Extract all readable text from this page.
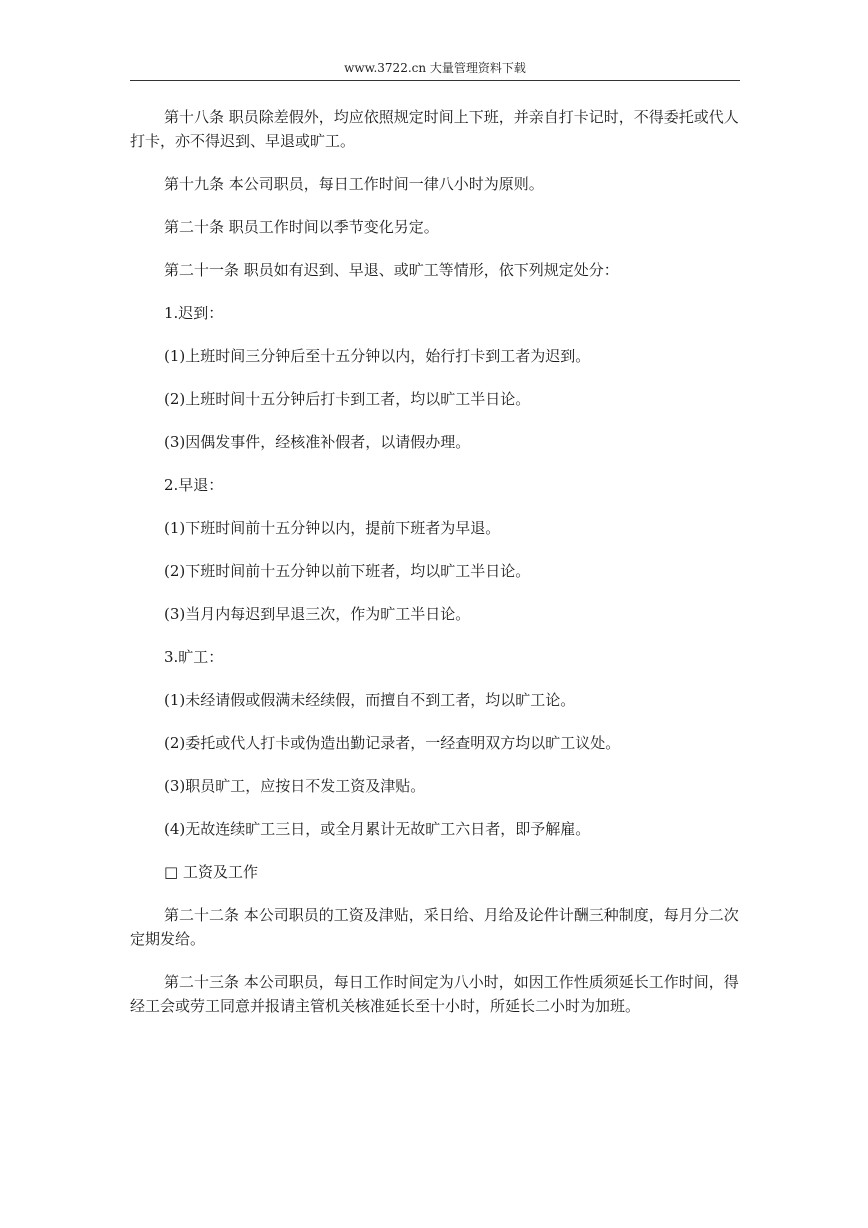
www.3722.cn 大量管理资料下载

第十八条 职员除差假外，均应依照规定时间上下班，并亲自打卡记时，不得委托或代人打卡，亦不得迟到、早退或旷工。

第十九条 本公司职员，每日工作时间一律八小时为原则。

第二十条 职员工作时间以季节变化另定。

第二十一条 职员如有迟到、早退、或旷工等情形，依下列规定处分：

1.迟到：

(1)上班时间三分钟后至十五分钟以内，始行打卡到工者为迟到。

(2)上班时间十五分钟后打卡到工者，均以旷工半日论。

(3)因偶发事件，经核准补假者，以请假办理。

2.早退：

(1)下班时间前十五分钟以内，提前下班者为早退。

(2)下班时间前十五分钟以前下班者，均以旷工半日论。

(3)当月内每迟到早退三次，作为旷工半日论。

3.旷工：

(1)未经请假或假满未经续假，而擅自不到工者，均以旷工论。

(2)委托或代人打卡或伪造出勤记录者，一经查明双方均以旷工议处。

(3)职员旷工，应按日不发工资及津贴。

(4)无故连续旷工三日，或全月累计无故旷工六日者，即予解雇。

□ 工资及工作

第二十二条 本公司职员的工资及津贴，采日给、月给及论件计酬三种制度，每月分二次定期发给。

第二十三条 本公司职员，每日工作时间定为八小时，如因工作性质须延长工作时间，得经工会或劳工同意并报请主管机关核准延长至十小时，所延长二小时为加班。
